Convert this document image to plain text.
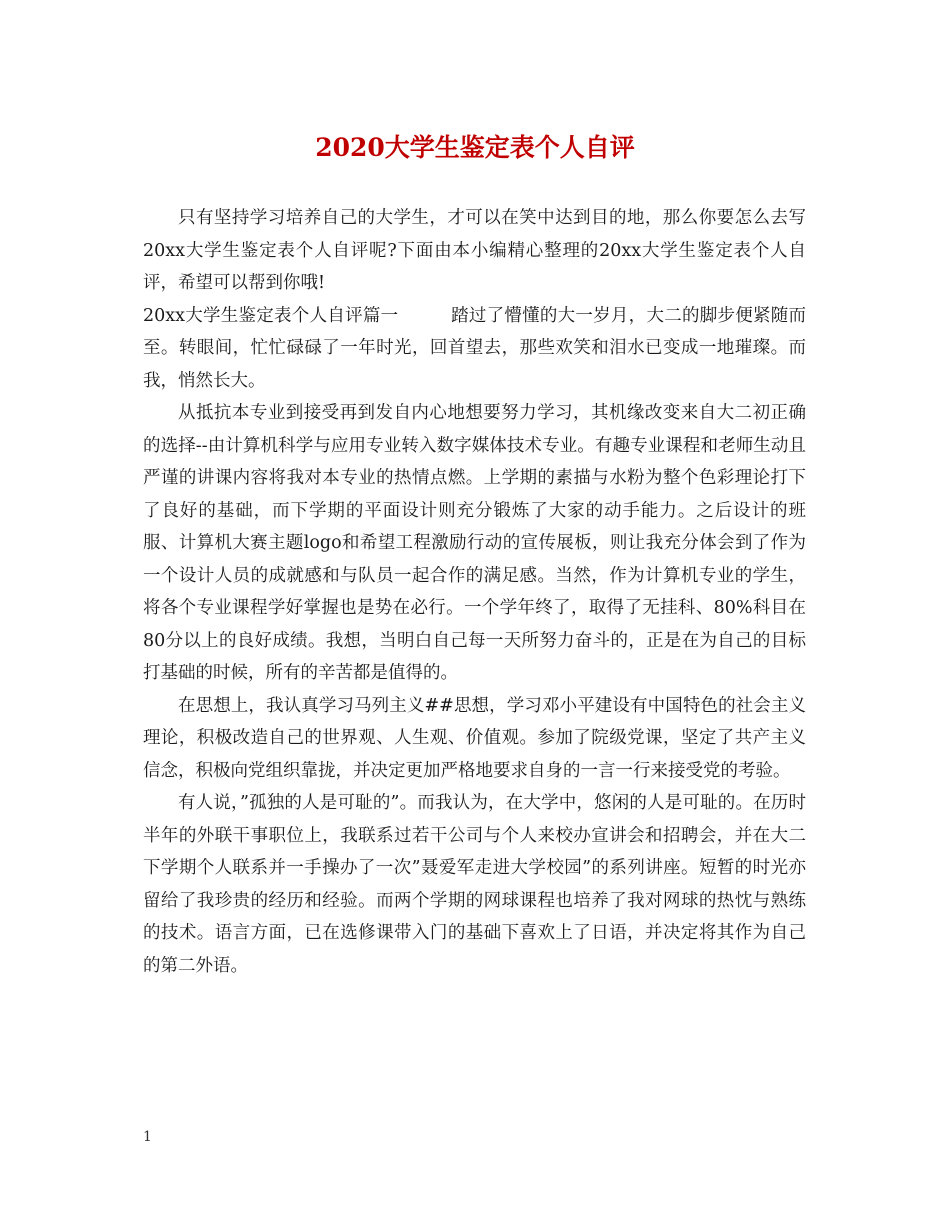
2020大学生鉴定表个人自评

只有坚持学习培养自己的大学生，才可以在笑中达到目的地，那么你要怎么去写20xx大学生鉴定表个人自评呢?下面由本小编精心整理的20xx大学生鉴定表个人自评，希望可以帮到你哦!

20xx大学生鉴定表个人自评篇一	踏过了懵懂的大一岁月，大二的脚步便紧随而至。转眼间，忙忙碌碌了一年时光，回首望去，那些欢笑和泪水已变成一地璀璨。而我，悄然长大。

从抵抗本专业到接受再到发自内心地想要努力学习，其机缘改变来自大二初正确的选择--由计算机科学与应用专业转入数字媒体技术专业。有趣专业课程和老师生动且严谨的讲课内容将我对本专业的热情点燃。上学期的素描与水粉为整个色彩理论打下了良好的基础，而下学期的平面设计则充分锻炼了大家的动手能力。之后设计的班服、计算机大赛主题logo和希望工程激励行动的宣传展板，则让我充分体会到了作为一个设计人员的成就感和与队员一起合作的满足感。当然，作为计算机专业的学生，将各个专业课程学好掌握也是势在必行。一个学年终了，取得了无挂科、80%科目在80分以上的良好成绩。我想，当明白自己每一天所努力奋斗的，正是在为自己的目标打基础的时候，所有的辛苦都是值得的。

在思想上，我认真学习马列主义##思想，学习邓小平建设有中国特色的社会主义理论，积极改造自己的世界观、人生观、价值观。参加了院级党课，坚定了共产主义信念，积极向党组织靠拢，并决定更加严格地要求自身的一言一行来接受党的考验。

有人说，”孤独的人是可耻的”。而我认为，在大学中，悠闲的人是可耻的。在历时半年的外联干事职位上，我联系过若干公司与个人来校办宣讲会和招聘会，并在大二下学期个人联系并一手操办了一次”聂爱军走进大学校园”的系列讲座。短暂的时光亦留给了我珍贵的经历和经验。而两个学期的网球课程也培养了我对网球的热忱与熟练的技术。语言方面，已在选修课带入门的基础下喜欢上了日语，并决定将其作为自己的第二外语。

1
